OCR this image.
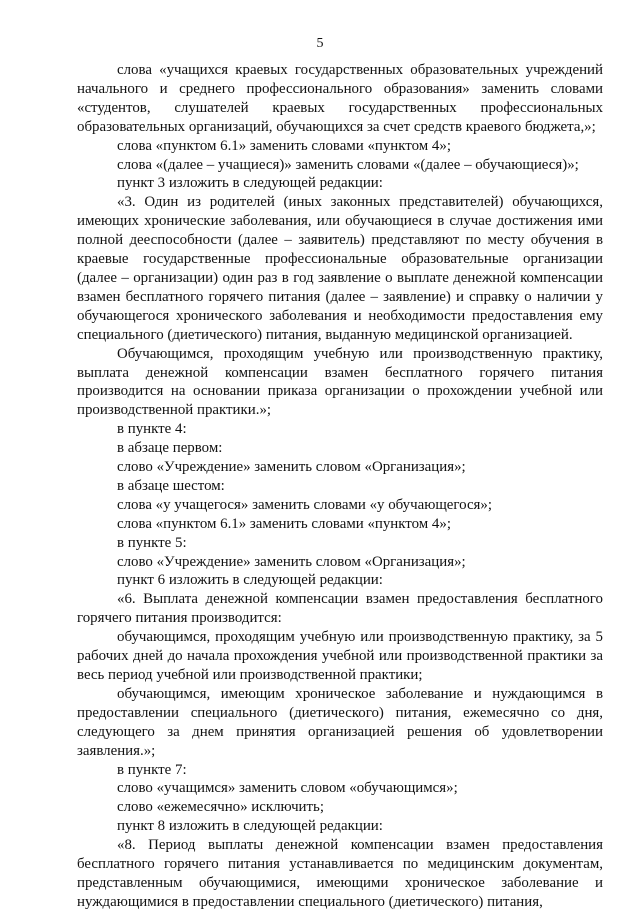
5

слова «учащихся краевых государственных образовательных учреждений начального и среднего профессионального образования» заменить словами «студентов, слушателей краевых государственных профессиональных образовательных организаций, обучающихся за счет средств краевого бюджета,»;

слова «пунктом 6.1» заменить словами «пунктом 4»;

слова «(далее – учащиеся)» заменить словами «(далее – обучающиеся)»;

пункт 3 изложить в следующей редакции:

«3. Один из родителей (иных законных представителей) обучающихся, имеющих хронические заболевания, или обучающиеся в случае достижения ими полной дееспособности (далее – заявитель) представляют по месту обучения в краевые государственные профессиональные образовательные организации (далее – организации) один раз в год заявление о выплате денежной компенсации взамен бесплатного горячего питания (далее – заявление) и справку о наличии у обучающегося хронического заболевания и необходимости предоставления ему специального (диетического) питания, выданную медицинской организацией.

Обучающимся, проходящим учебную или производственную практику, выплата денежной компенсации взамен бесплатного горячего питания производится на основании приказа организации о прохождении учебной или производственной практики.»;

в пункте 4:

в абзаце первом:

слово «Учреждение» заменить словом «Организация»;

в абзаце шестом:

слова «у учащегося» заменить словами «у обучающегося»;

слова «пунктом 6.1» заменить словами «пунктом 4»;

в пункте 5:

слово «Учреждение» заменить словом «Организация»;

пункт 6 изложить в следующей редакции:

«6. Выплата денежной компенсации взамен предоставления бесплатного горячего питания производится:

обучающимся, проходящим учебную или производственную практику, за 5 рабочих дней до начала прохождения учебной или производственной практики за весь период учебной или производственной практики;

обучающимся, имеющим хроническое заболевание и нуждающимся в предоставлении специального (диетического) питания, ежемесячно со дня, следующего за днем принятия организацией решения об удовлетворении заявления.»;

в пункте 7:

слово «учащимся» заменить словом «обучающимся»;

слово «ежемесячно» исключить;

пункт 8 изложить в следующей редакции:

«8. Период выплаты денежной компенсации взамен предоставления бесплатного горячего питания устанавливается по медицинским документам, представленным обучающимися, имеющими хроническое заболевание и нуждающимися в предоставлении специального (диетического) питания,
